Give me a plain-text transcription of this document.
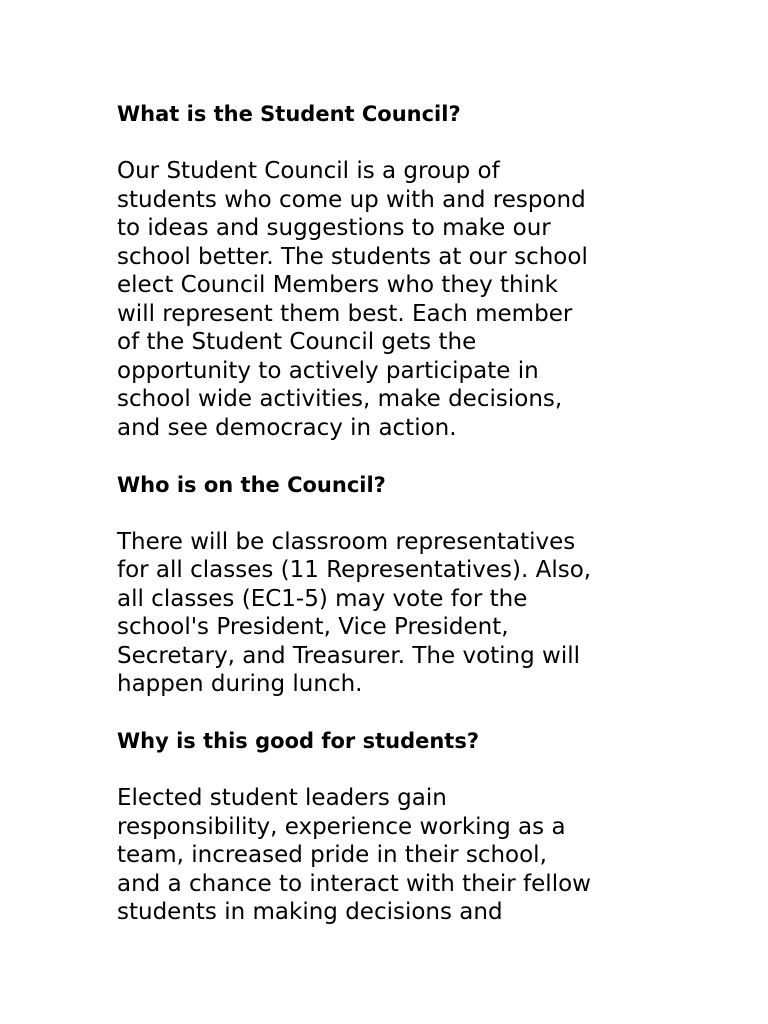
What is the Student Council?
Our Student Council is a group of
students who come up with and respond
to ideas and suggestions to make our
school better. The students at our school
elect Council Members who they think
will represent them best. Each member
of the Student Council gets the
opportunity to actively participate in
school wide activities, make decisions,
and see democracy in action.
Who is on the Council?
There will be classroom representatives
for all classes (11 Representatives). Also,
all classes (EC1-5) may vote for the
school's President, Vice President,
Secretary, and Treasurer. The voting will
happen during lunch.
Why is this good for students?
Elected student leaders gain
responsibility, experience working as a
team, increased pride in their school,
and a chance to interact with their fellow
students in making decisions and
